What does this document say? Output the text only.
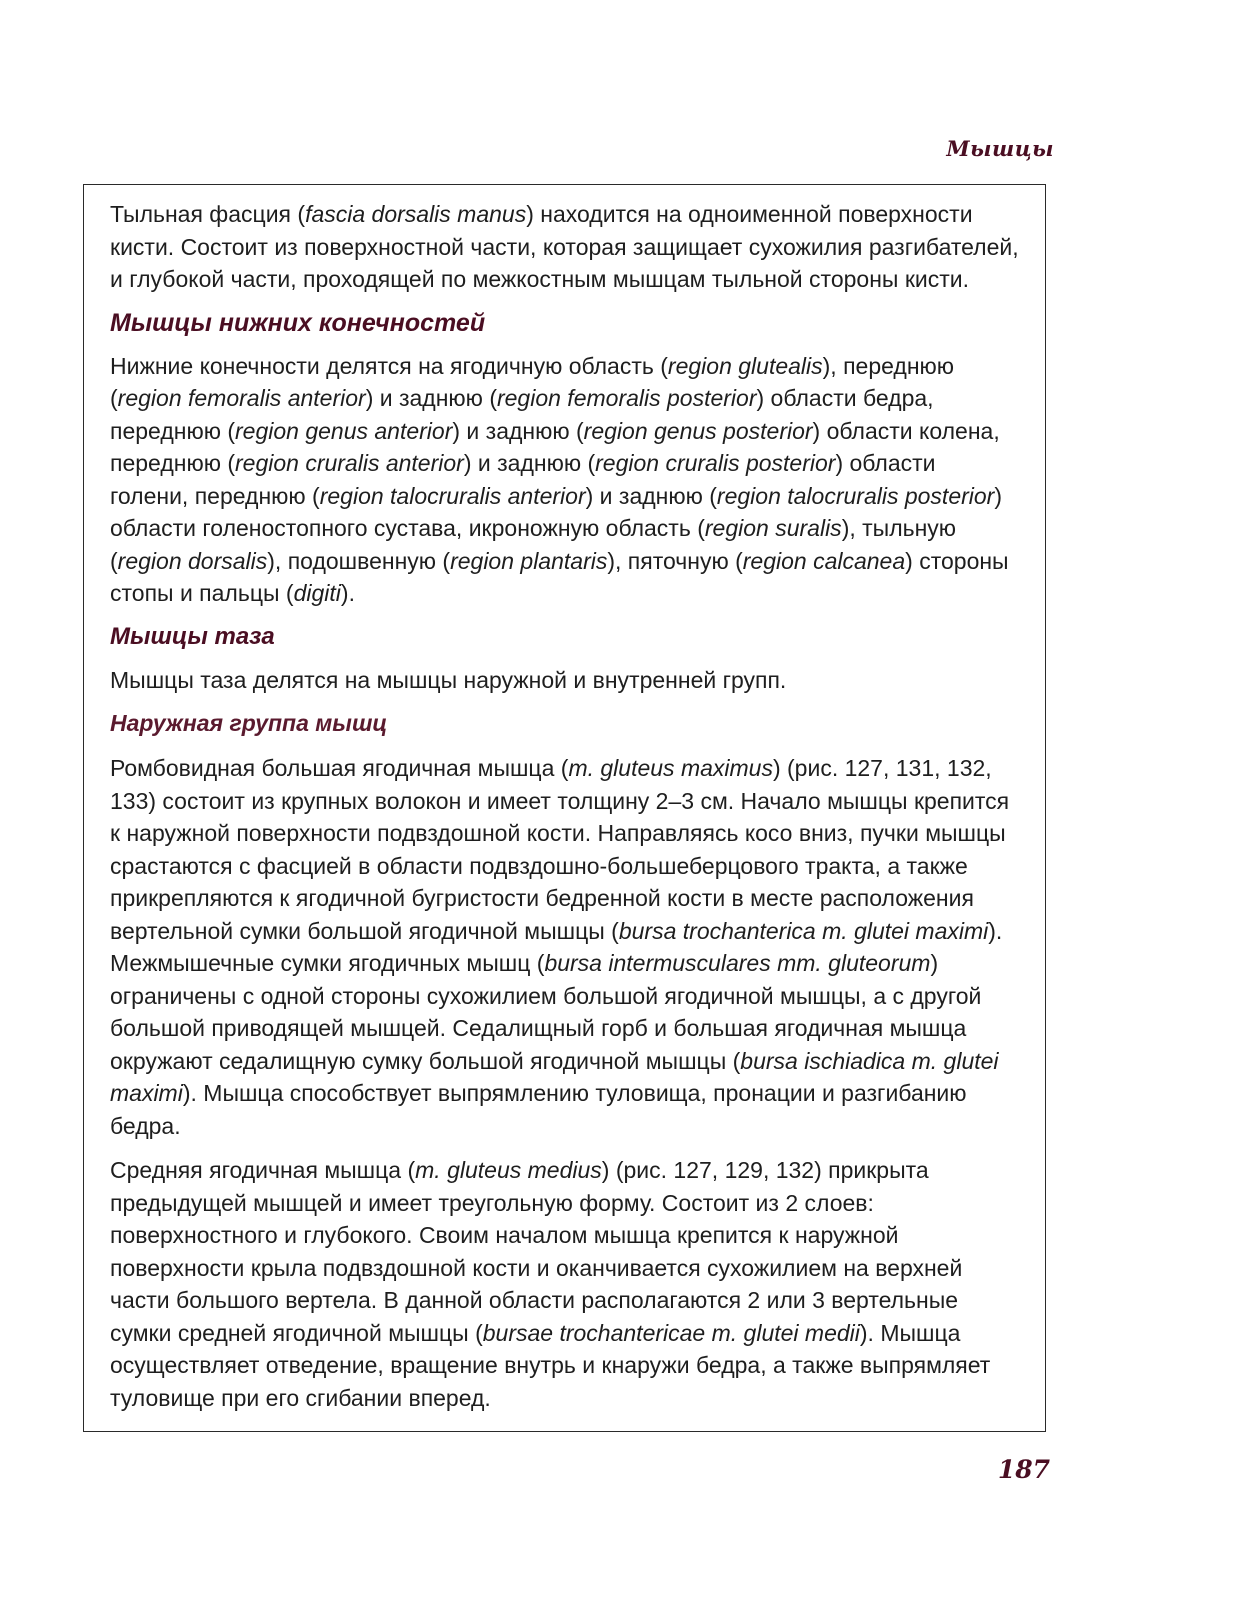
Мышцы

Тыльная фасция (fascia dorsalis manus) находится на одноименной поверхности кисти. Состоит из поверхностной части, которая защищает сухожилия разгибателей, и глубокой части, проходящей по межкостным мышцам тыльной стороны кисти.

Мышцы нижних конечностей

Нижние конечности делятся на ягодичную область (region glutealis), переднюю (region femoralis anterior) и заднюю (region femoralis posterior) области бедра, переднюю (region genus anterior) и заднюю (region genus posterior) области колена, переднюю (region cruralis anterior) и заднюю (region cruralis posterior) области голени, переднюю (region talocruralis anterior) и заднюю (region talocruralis posterior) области голеностопного сустава, икроножную область (region suralis), тыльную (region dorsalis), подошвенную (region plantaris), пяточную (region calcanea) стороны стопы и пальцы (digiti).

Мышцы таза

Мышцы таза делятся на мышцы наружной и внутренней групп.

Наружная группа мышц

Ромбовидная большая ягодичная мышца (m. gluteus maximus) (рис. 127, 131, 132, 133) состоит из крупных волокон и имеет толщину 2–3 см. Начало мышцы крепится к наружной поверхности подвздошной кости. Направляясь косо вниз, пучки мышцы срастаются с фасцией в области подвздошно-большеберцового тракта, а также прикрепляются к ягодичной бугристости бедренной кости в месте расположения вертельной сумки большой ягодичной мышцы (bursa trochanterica m. glutei maximi). Межмышечные сумки ягодичных мышц (bursa intermusculares mm. gluteorum) ограничены с одной стороны сухожилием большой ягодичной мышцы, а с другой большой приводящей мышцей. Седалищный горб и большая ягодичная мышца окружают седалищную сумку большой ягодичной мышцы (bursa ischiadica m. glutei maximi). Мышца способствует выпрямлению туловища, пронации и разгибанию бедра.

Средняя ягодичная мышца (m. gluteus medius) (рис. 127, 129, 132) прикрыта предыдущей мышцей и имеет треугольную форму. Состоит из 2 слоев: поверхностного и глубокого. Своим началом мышца крепится к наружной поверхности крыла подвздошной кости и оканчивается сухожилием на верхней части большого вертела. В данной области располагаются 2 или 3 вертельные сумки средней ягодичной мышцы (bursae trochantericae m. glutei medii). Мышца осуществляет отведение, вращение внутрь и кнаружи бедра, а также выпрямляет туловище при его сгибании вперед.

187
